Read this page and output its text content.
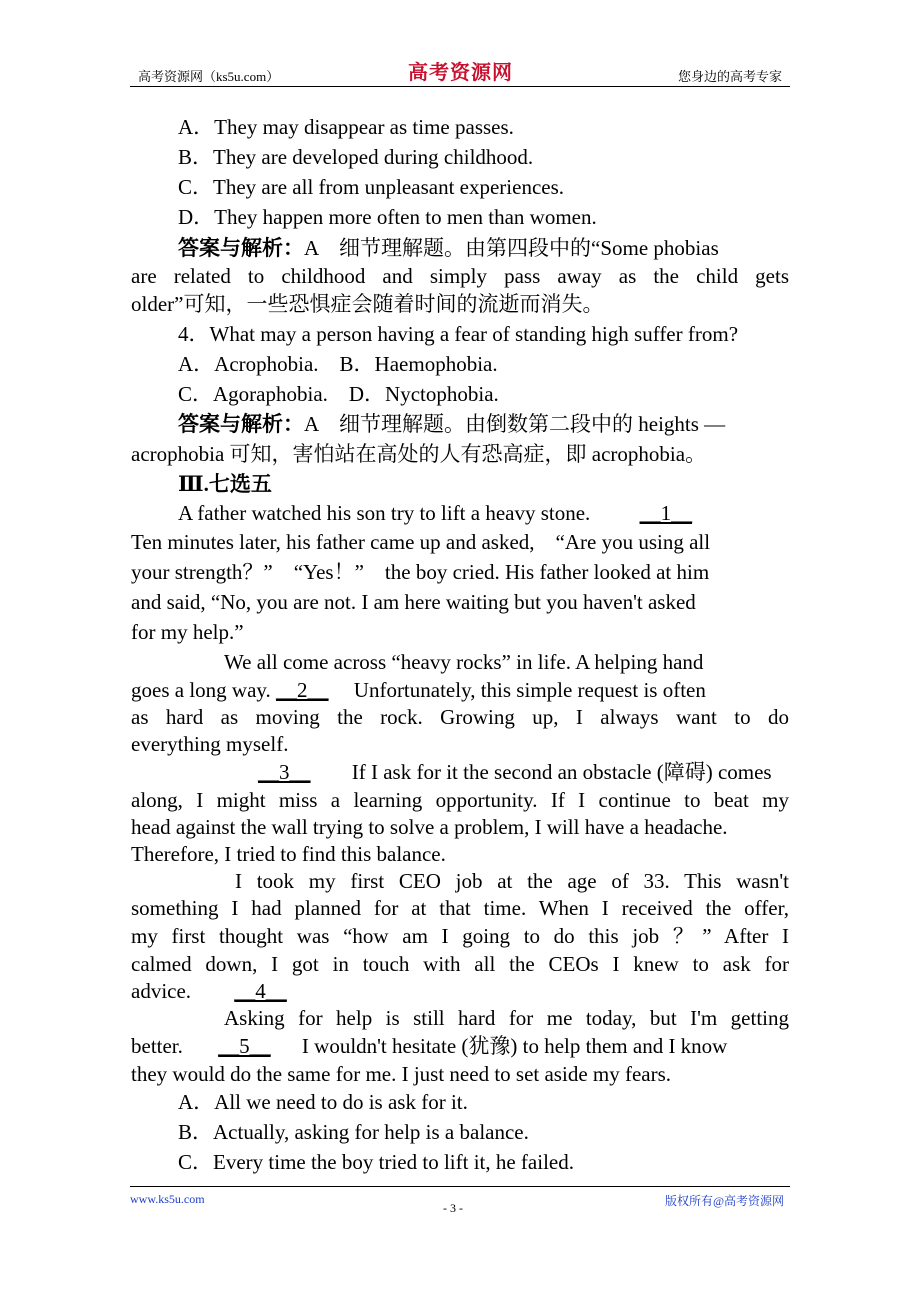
高考资源网（ks5u.com）	高考资源网	您身边的高考专家
A．They may disappear as time passes.
B．They are developed during childhood.
C．They are all from unpleasant experiences.
D．They happen more often to men than women.
答案与解析：A　细节理解题。由第四段中的“Some phobias
are related to childhood and simply pass away as the child gets
older”可知，一些恐惧症会随着时间的流逝而消失。
4．What may a person having a fear of standing high suffer from?
A．Acrophobia.　B．Haemophobia.
C．Agoraphobia.　D．Nyctophobia.
答案与解析：A　细节理解题。由倒数第二段中的 heights —
acrophobia 可知，害怕站在高处的人有恐高症，即 acrophobia。
Ⅲ.七选五
A father watched his son try to lift a heavy stone. __1__
Ten minutes later, his father came up and asked,　“Are you using all
your strength？”　“Yes！”　the boy cried. His father looked at him
and said, “No, you are not. I am here waiting but you haven't asked
for my help.”
We all come across “heavy rocks” in life. A helping hand
goes a long way. __2__ Unfortunately, this simple request is often
as hard as moving the rock. Growing up, I always want to do
everything myself.
__3__ If I ask for it the second an obstacle (障碍) comes
along, I might miss a learning opportunity. If I continue to beat my
head against the wall trying to solve a problem, I will have a headache.
Therefore, I tried to find this balance.
I took my first CEO job at the age of 33. This wasn't
something I had planned for at that time. When I received the offer,
my first thought was “how am I going to do this job ？” After I
calmed down, I got in touch with all the CEOs I knew to ask for
advice. __4__
Asking for help is still hard for me today, but I'm getting
better. __5__ I wouldn't hesitate (犹豫) to help them and I know
they would do the same for me. I just need to set aside my fears.
A．All we need to do is ask for it.
B．Actually, asking for help is a balance.
C．Every time the boy tried to lift it, he failed.
www.ks5u.com
- 3 -	版权所有@高考资源网
